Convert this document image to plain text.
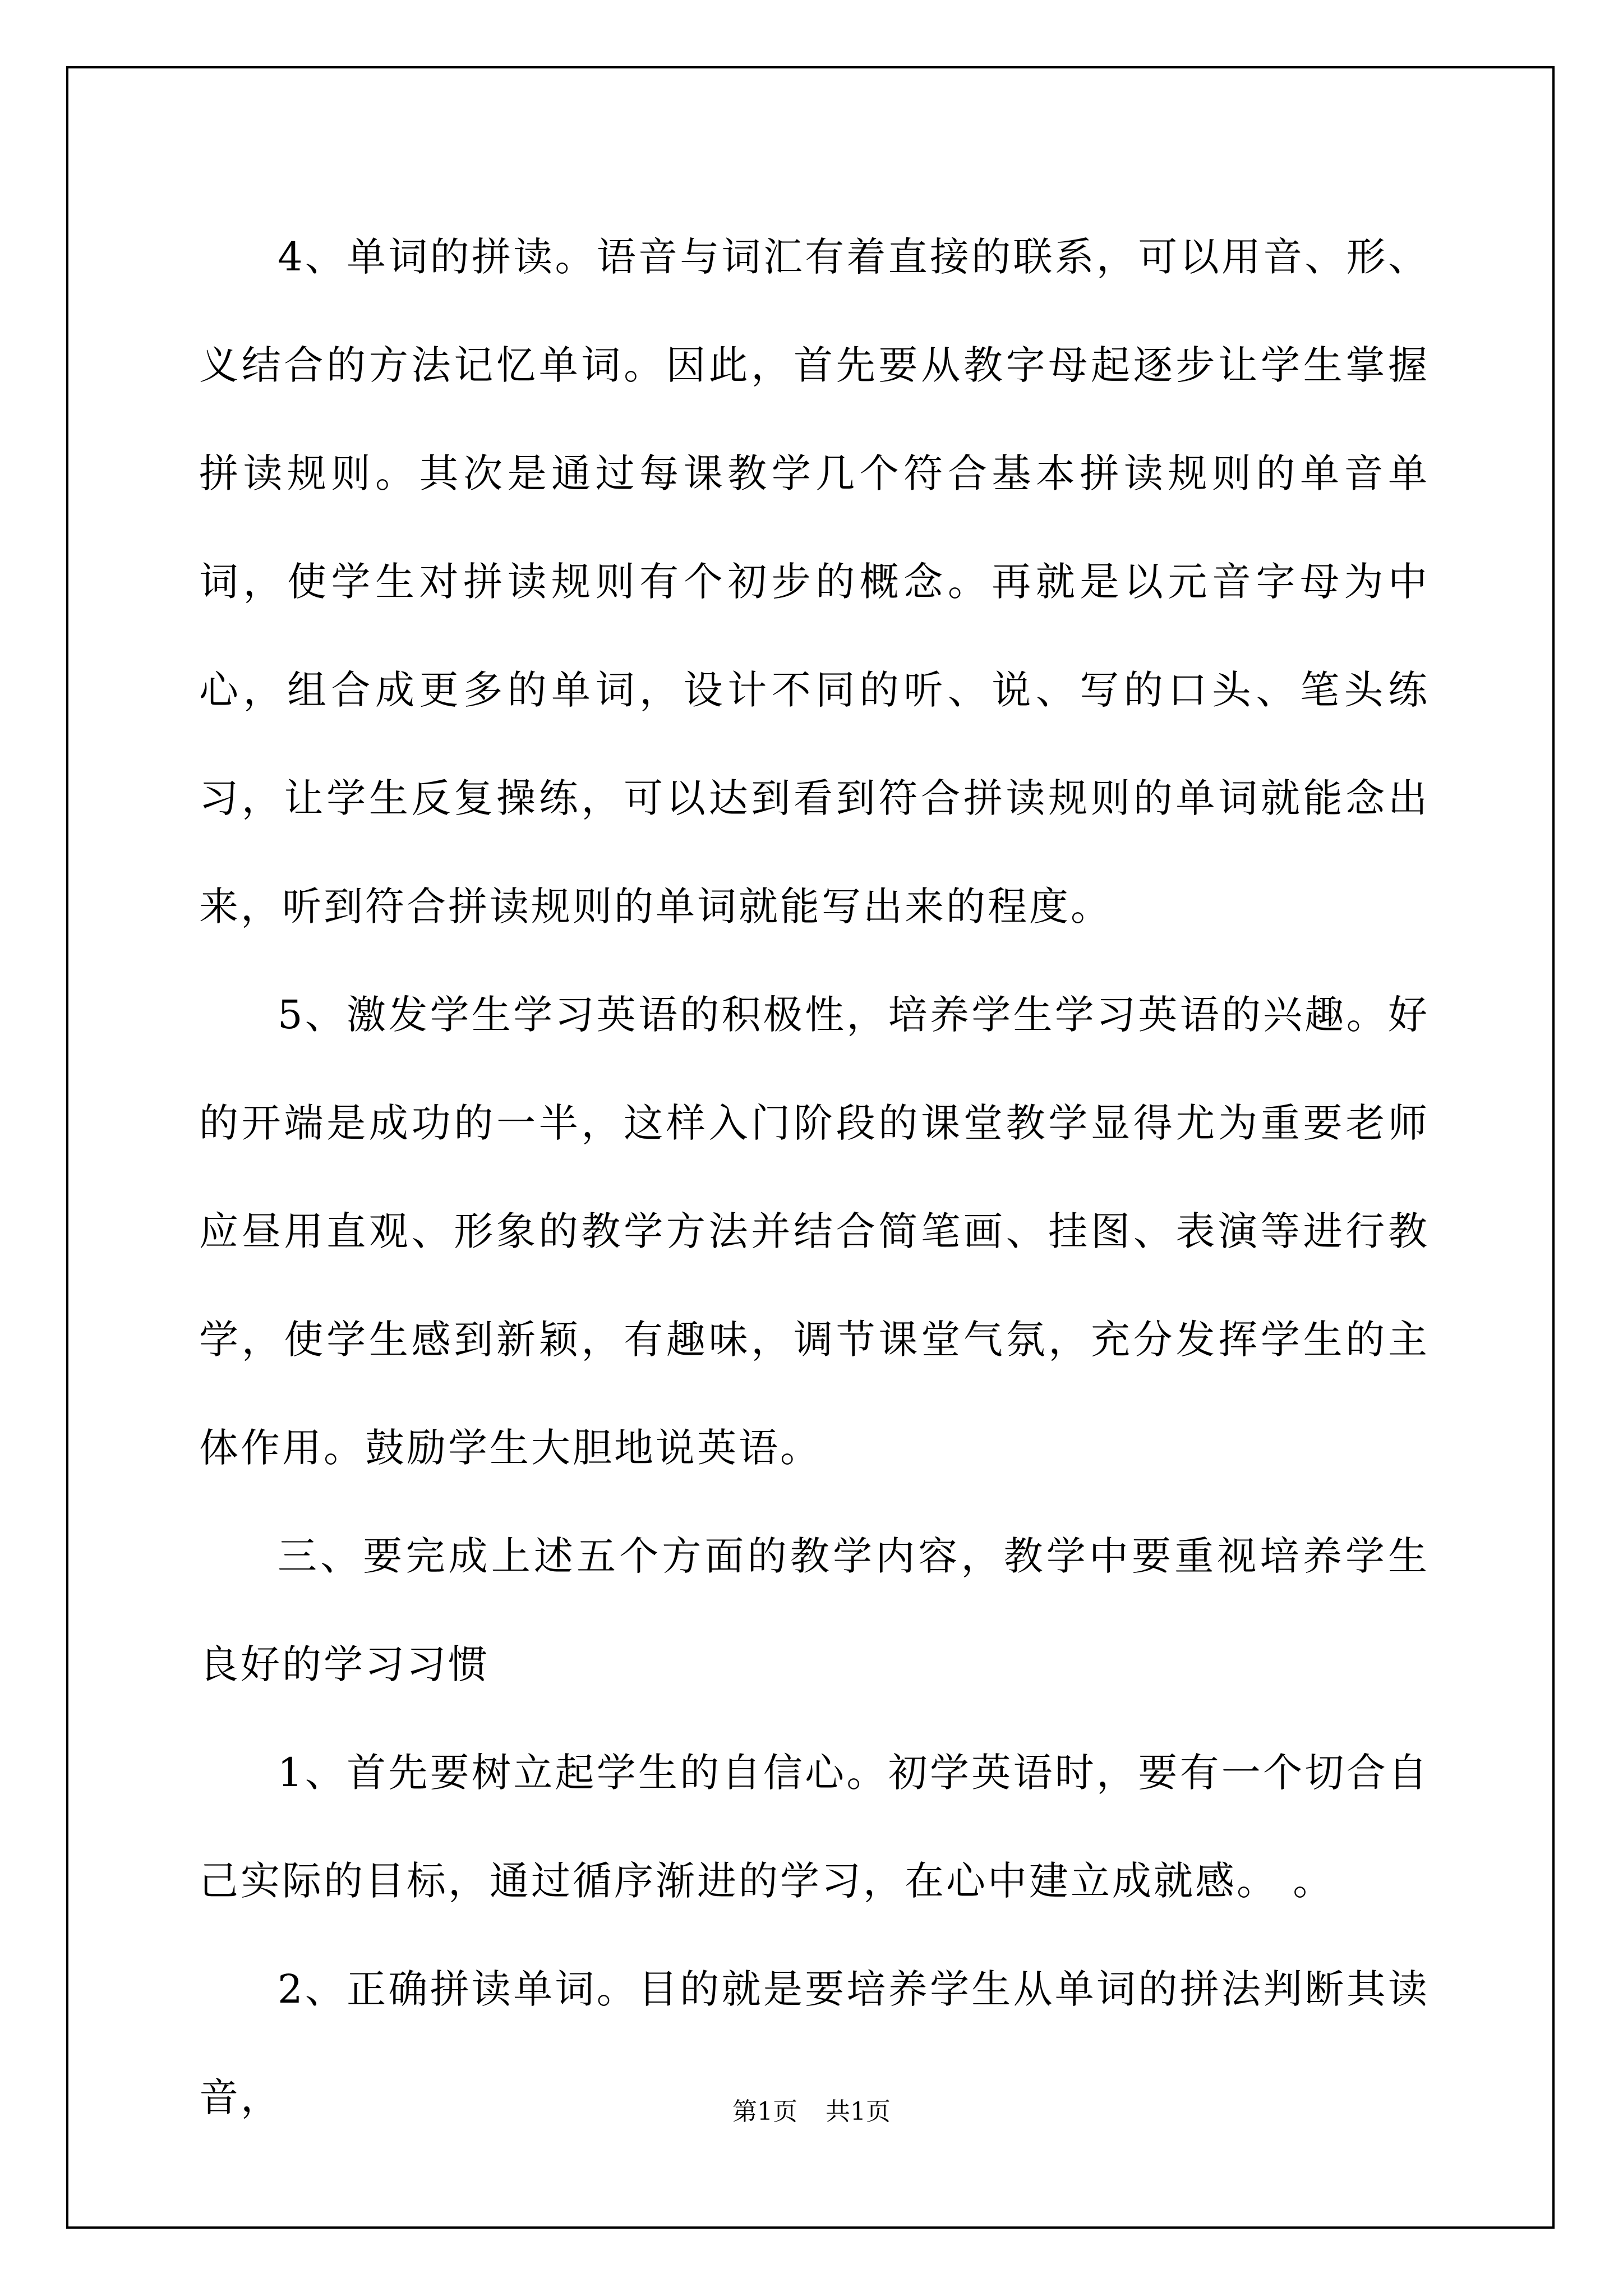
4、单词的拼读。语音与词汇有着直接的联系，可以用音、形、义结合的方法记忆单词。因此，首先要从教字母起逐步让学生掌握拼读规则。其次是通过每课教学几个符合基本拼读规则的单音单词，使学生对拼读规则有个初步的概念。再就是以元音字母为中心，组合成更多的单词，设计不同的听、说、写的口头、笔头练习，让学生反复操练，可以达到看到符合拼读规则的单词就能念出来，听到符合拼读规则的单词就能写出来的程度。

5、激发学生学习英语的积极性，培养学生学习英语的兴趣。好的开端是成功的一半，这样入门阶段的课堂教学显得尤为重要老师应昼用直观、形象的教学方法并结合简笔画、挂图、表演等进行教学，使学生感到新颖，有趣味，调节课堂气氛，充分发挥学生的主体作用。鼓励学生大胆地说英语。

三、要完成上述五个方面的教学内容，教学中要重视培养学生良好的学习习惯

1、首先要树立起学生的自信心。初学英语时，要有一个切合自己实际的目标，通过循序渐进的学习，在心中建立成就感。 。

2、正确拼读单词。目的就是要培养学生从单词的拼法判断其读音，	第1页 共1页
